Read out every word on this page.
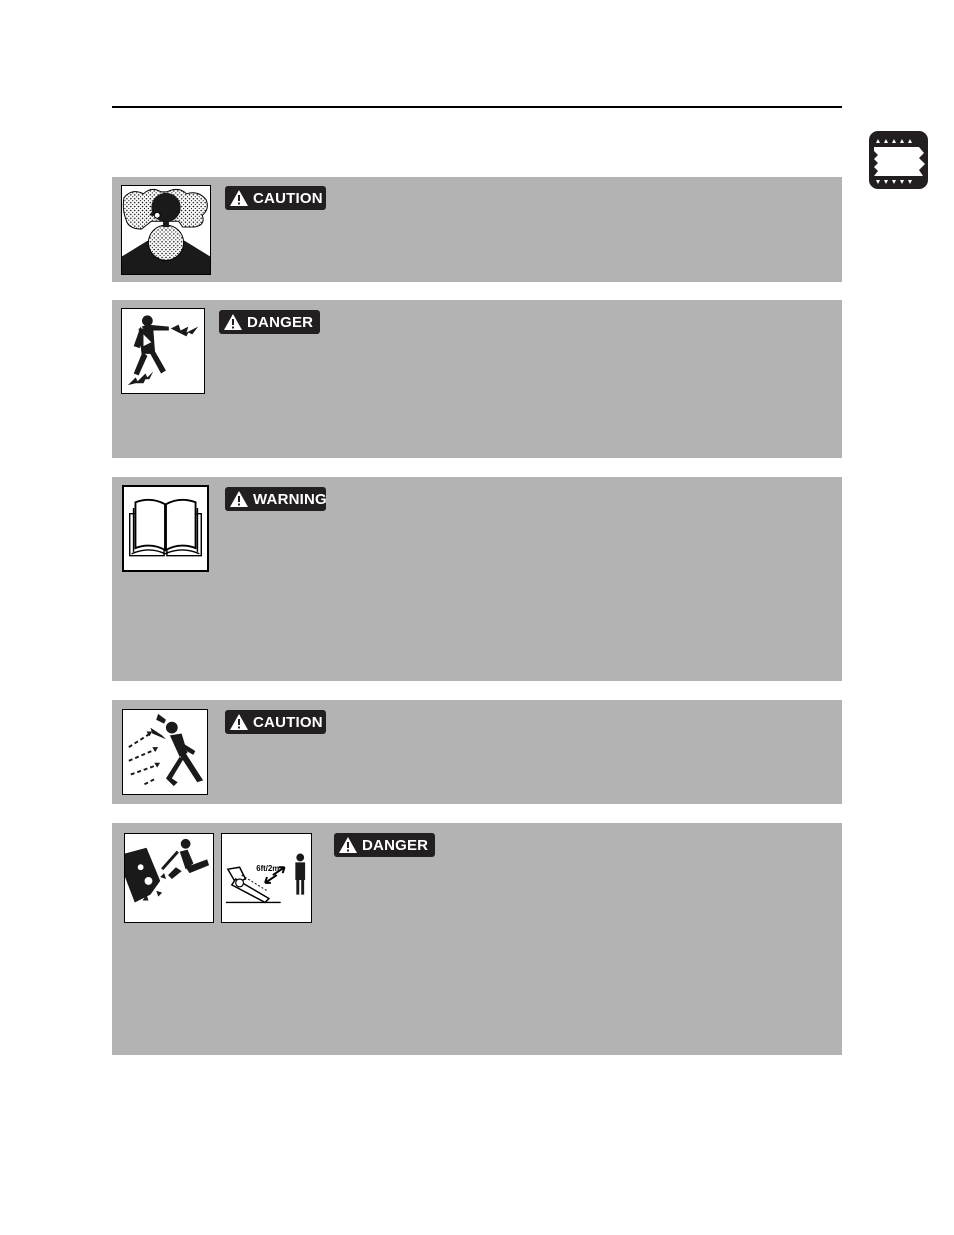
CAUTION
DANGER
WARNING
CAUTION
6ft/2m
DANGER
